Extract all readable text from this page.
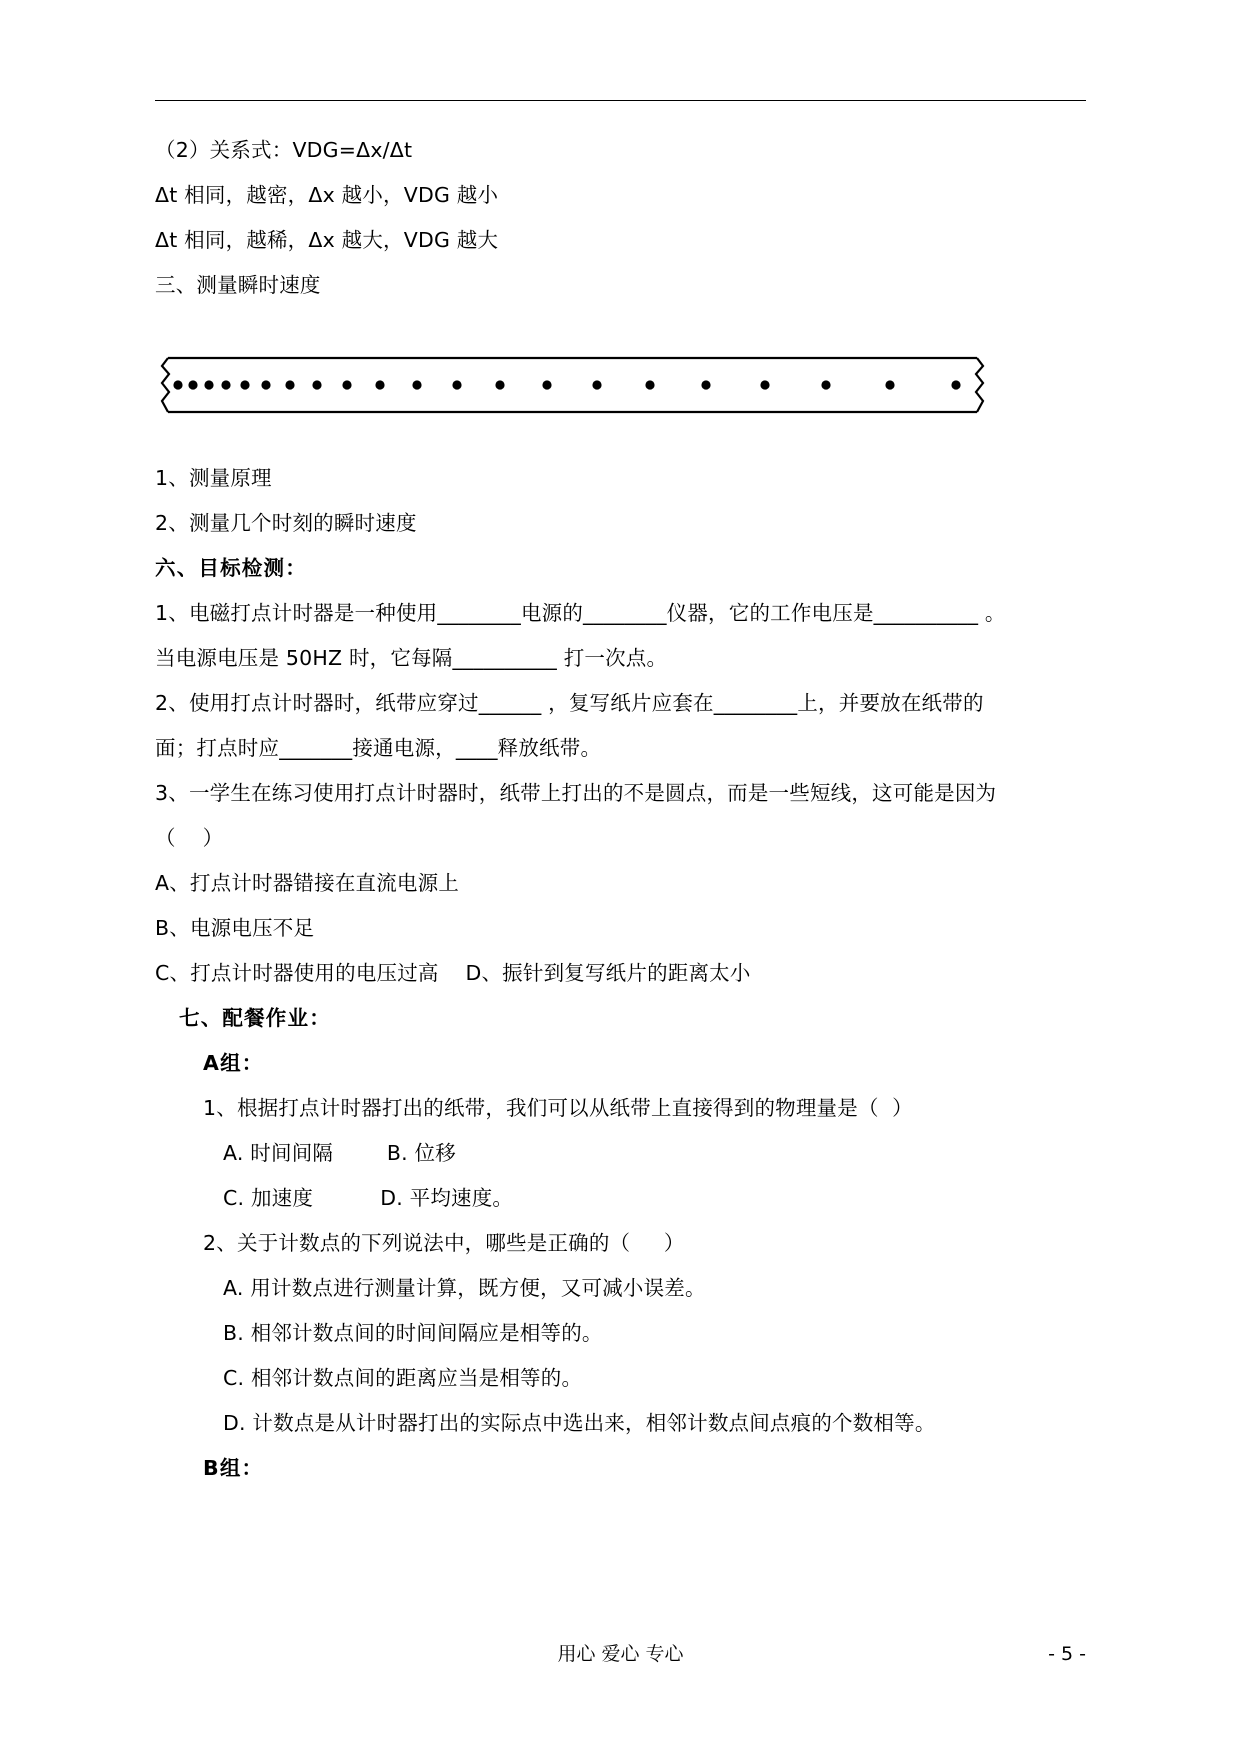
（2）关系式：VDG=Δx/Δt

Δt 相同，越密，Δx 越小，VDG 越小

Δt 相同，越稀，Δx 越大，VDG 越大

三、测量瞬时速度

1、测量原理

2、测量几个时刻的瞬时速度

六、目标检测：

1、电磁打点计时器是一种使用________电源的________仪器，它的工作电压是__________ 。

当电源电压是 50HZ 时，它每隔__________ 打一次点。

2、使用打点计时器时，纸带应穿过______ ，复写纸片应套在________上，并要放在纸带的

面；打点时应_______接通电源，____释放纸带。

3、一学生在练习使用打点计时器时，纸带上打出的不是圆点，而是一些短线，这可能是因为

（    ）

A、打点计时器错接在直流电源上

B、电源电压不足

C、打点计时器使用的电压过高    D、振针到复写纸片的距离太小

七、配餐作业：

A组：

1、根据打点计时器打出的纸带，我们可以从纸带上直接得到的物理量是（  ）

A. 时间间隔        B. 位移

C. 加速度          D. 平均速度。

2、关于计数点的下列说法中，哪些是正确的（     ）

A. 用计数点进行测量计算，既方便，又可减小误差。

B. 相邻计数点间的时间间隔应是相等的。

C. 相邻计数点间的距离应当是相等的。

D. 计数点是从计时器打出的实际点中选出来，相邻计数点间点痕的个数相等。

B组：

用心 爱心 专心	- 5 -
